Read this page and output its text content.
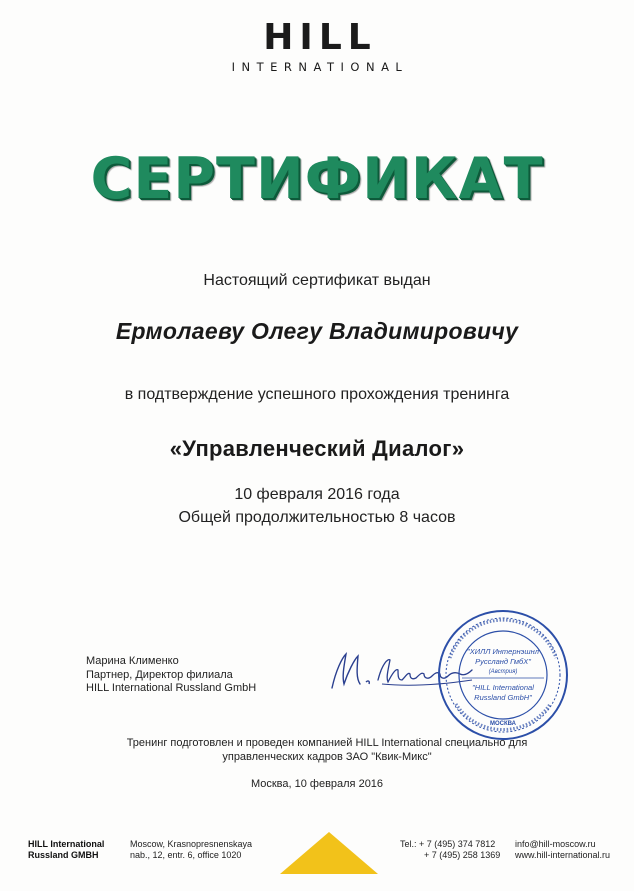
HILL
INTERNATIONAL
СЕРТИФИКАТ
Настоящий сертификат выдан
Ермолаеву Олегу Владимировичу
в подтверждение успешного прохождения тренинга
«Управленческий Диалог»
10 февраля 2016 года
Общей продолжительностью 8 часов
Марина Клименко
Партнер, Директор филиала
HILL International Russland GmbH
"ХИЛЛ Интернэшнл
Руссланд ГмбХ"
(Австрия)
"HILL International
Russland GmbH"
МОСКВА
Тренинг подготовлен и проведен компанией HILL International специально для
управленческих кадров ЗАО "Квик-Микс"
Москва, 10 февраля 2016
HILL International
Russland GMBH
Moscow, Krasnopresnenskaya
nab., 12, entr. 6, office 1020
Tel.: + 7 (495) 374 7812
+ 7 (495) 258 1369
info@hill-moscow.ru
www.hill-international.ru
